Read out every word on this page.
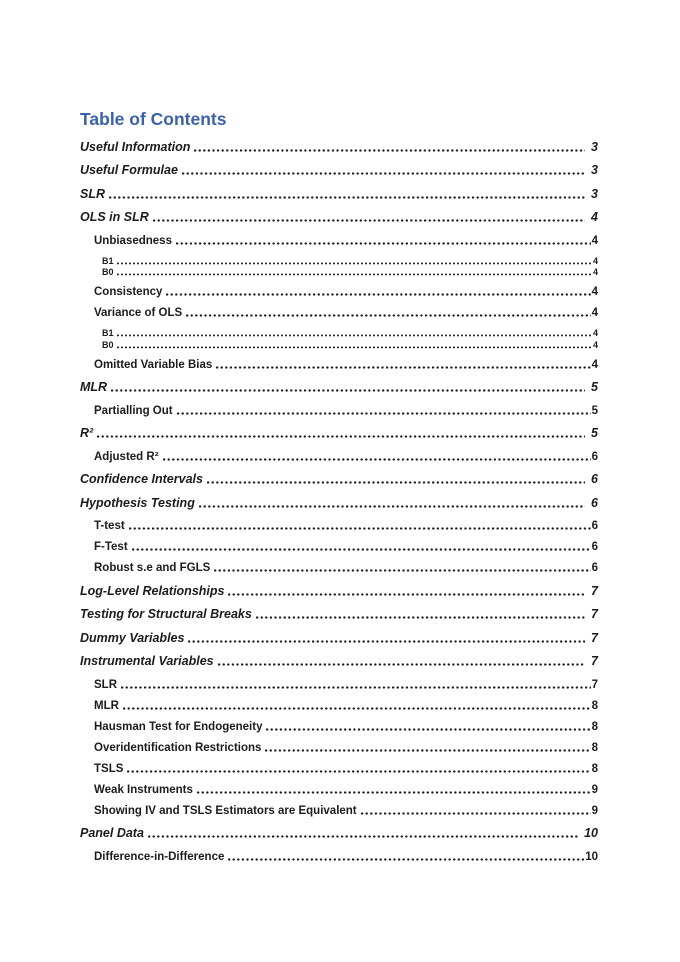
Table of Contents
Useful Information	3
Useful Formulae	3
SLR	3
OLS in SLR	4
Unbiasedness	4
Β1	4
Β0	4
Consistency	4
Variance of OLS	4
Β1	4
Β0	4
Omitted Variable Bias	4
MLR	5
Partialling Out	5
R²	5
Adjusted R²	6
Confidence Intervals	6
Hypothesis Testing	6
T-test	6
F-Test	6
Robust s.e and FGLS	6
Log-Level Relationships	7
Testing for Structural Breaks	7
Dummy Variables	7
Instrumental Variables	7
SLR	7
MLR	8
Hausman Test for Endogeneity	8
Overidentification Restrictions	8
TSLS	8
Weak Instruments	9
Showing IV and TSLS Estimators are Equivalent	9
Panel Data	10
Difference-in-Difference	10
